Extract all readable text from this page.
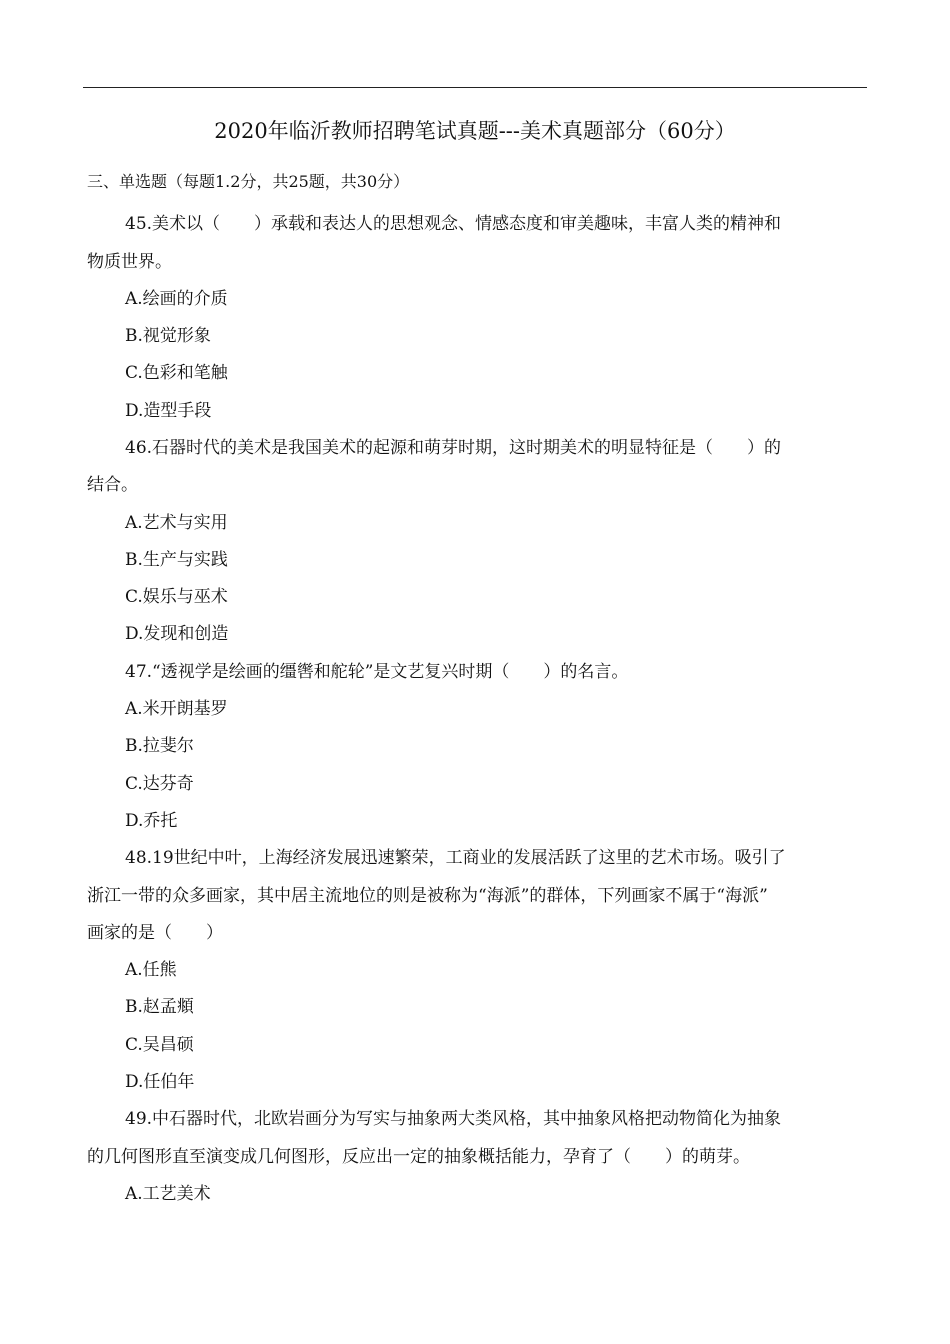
2020年临沂教师招聘笔试真题---美术真题部分（60分）
三、单选题（每题1.2分，共25题，共30分）
45.美术以（　　）承载和表达人的思想观念、情感态度和审美趣味，丰富人类的精神和
物质世界。
A.绘画的介质
B.视觉形象
C.色彩和笔触
D.造型手段
46.石器时代的美术是我国美术的起源和萌芽时期，这时期美术的明显特征是（　　）的
结合。
A.艺术与实用
B.生产与实践
C.娱乐与巫术
D.发现和创造
47.“透视学是绘画的缰辔和舵轮”是文艺复兴时期（　　）的名言。
A.米开朗基罗
B.拉斐尔
C.达芬奇
D.乔托
48.19世纪中叶，上海经济发展迅速繁荣，工商业的发展活跃了这里的艺术市场。吸引了
浙江一带的众多画家，其中居主流地位的则是被称为“海派”的群体，下列画家不属于“海派”
画家的是（　　）
A.任熊
B.赵孟頫
C.吴昌硕
D.任伯年
49.中石器时代，北欧岩画分为写实与抽象两大类风格，其中抽象风格把动物简化为抽象
的几何图形直至演变成几何图形，反应出一定的抽象概括能力，孕育了（　　）的萌芽。
A.工艺美术
